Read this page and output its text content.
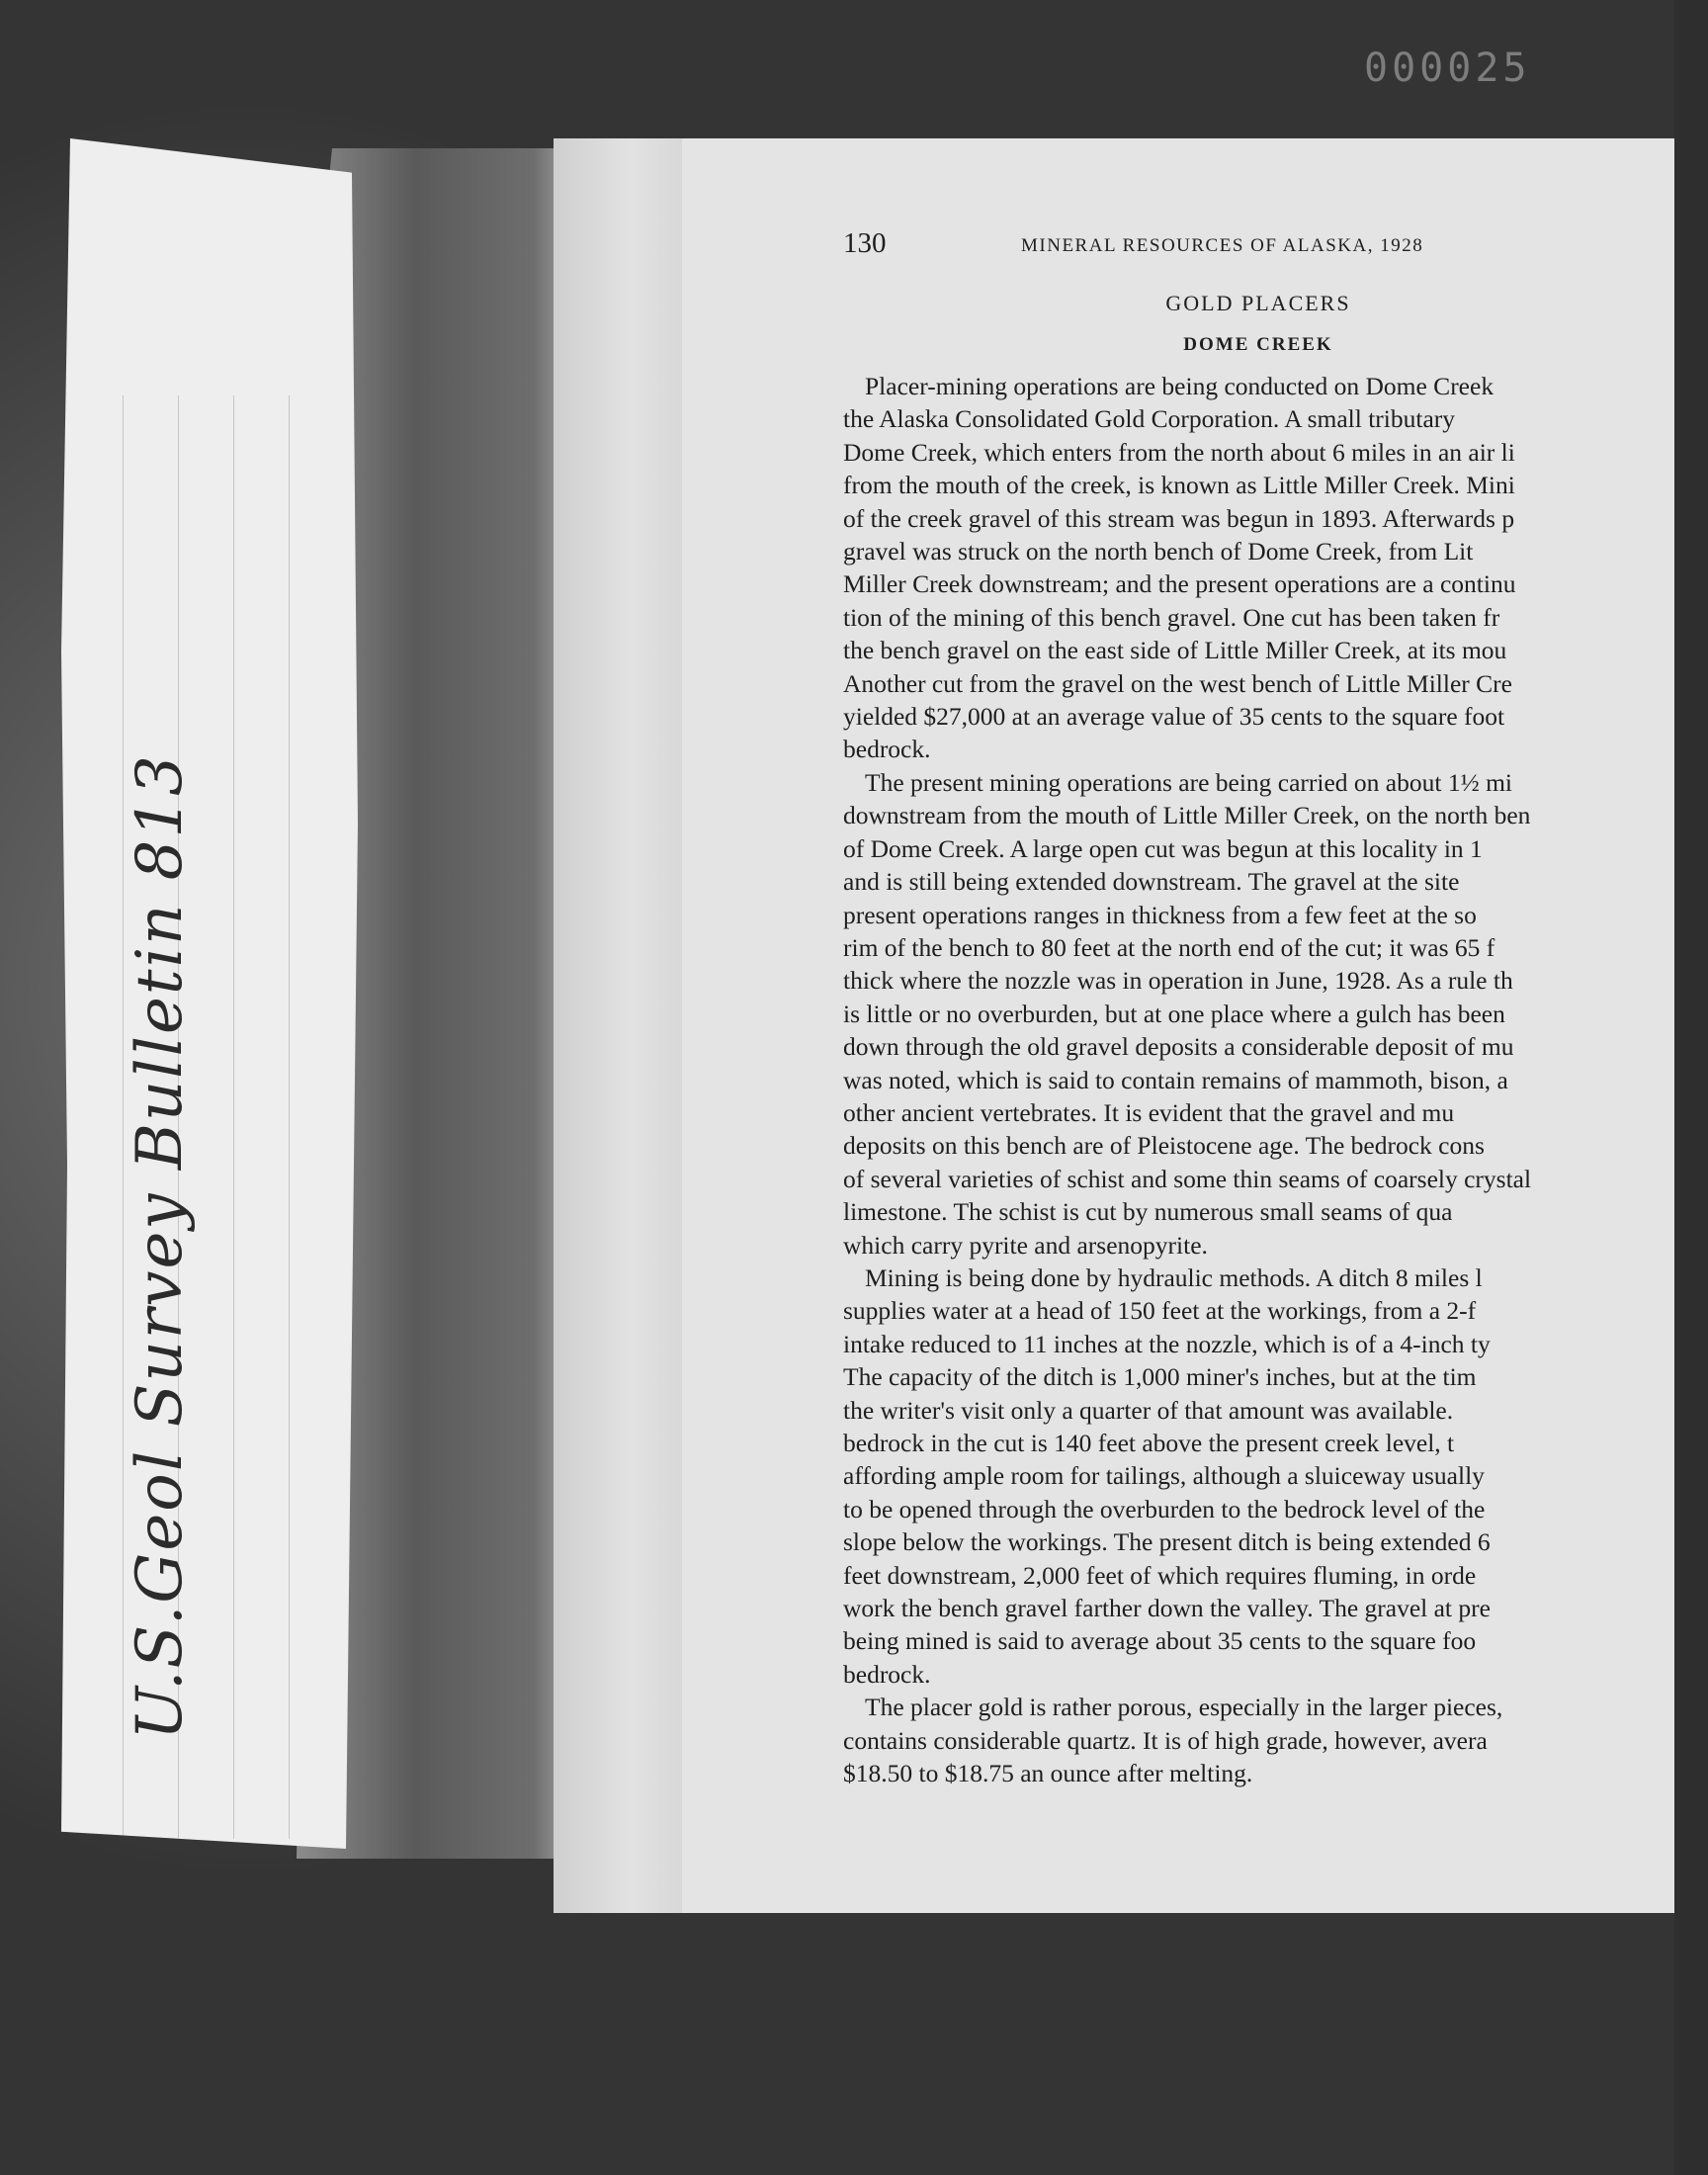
000025
U.S.Geol Survey Bulletin 813
130	MINERAL RESOURCES OF ALASKA, 1928
GOLD PLACERS
DOME CREEK
Placer-mining operations are being conducted on Dome Creek
the Alaska Consolidated Gold Corporation. A small tributary
Dome Creek, which enters from the north about 6 miles in an air li
from the mouth of the creek, is known as Little Miller Creek. Mini
of the creek gravel of this stream was begun in 1893. Afterwards p
gravel was struck on the north bench of Dome Creek, from Lit
Miller Creek downstream; and the present operations are a continu
tion of the mining of this bench gravel. One cut has been taken fr
the bench gravel on the east side of Little Miller Creek, at its mou
Another cut from the gravel on the west bench of Little Miller Cre
yielded $27,000 at an average value of 35 cents to the square foot
bedrock.
The present mining operations are being carried on about 1½ mi
downstream from the mouth of Little Miller Creek, on the north ben
of Dome Creek. A large open cut was begun at this locality in 1
and is still being extended downstream. The gravel at the site
present operations ranges in thickness from a few feet at the so
rim of the bench to 80 feet at the north end of the cut; it was 65 f
thick where the nozzle was in operation in June, 1928. As a rule th
is little or no overburden, but at one place where a gulch has been
down through the old gravel deposits a considerable deposit of mu
was noted, which is said to contain remains of mammoth, bison, a
other ancient vertebrates. It is evident that the gravel and mu
deposits on this bench are of Pleistocene age. The bedrock cons
of several varieties of schist and some thin seams of coarsely crystal
limestone. The schist is cut by numerous small seams of qua
which carry pyrite and arsenopyrite.
Mining is being done by hydraulic methods. A ditch 8 miles l
supplies water at a head of 150 feet at the workings, from a 2-f
intake reduced to 11 inches at the nozzle, which is of a 4-inch ty
The capacity of the ditch is 1,000 miner's inches, but at the tim
the writer's visit only a quarter of that amount was available.
bedrock in the cut is 140 feet above the present creek level, t
affording ample room for tailings, although a sluiceway usually
to be opened through the overburden to the bedrock level of the
slope below the workings. The present ditch is being extended 6
feet downstream, 2,000 feet of which requires fluming, in orde
work the bench gravel farther down the valley. The gravel at pre
being mined is said to average about 35 cents to the square foo
bedrock.
The placer gold is rather porous, especially in the larger pieces,
contains considerable quartz. It is of high grade, however, avera
$18.50 to $18.75 an ounce after melting.
